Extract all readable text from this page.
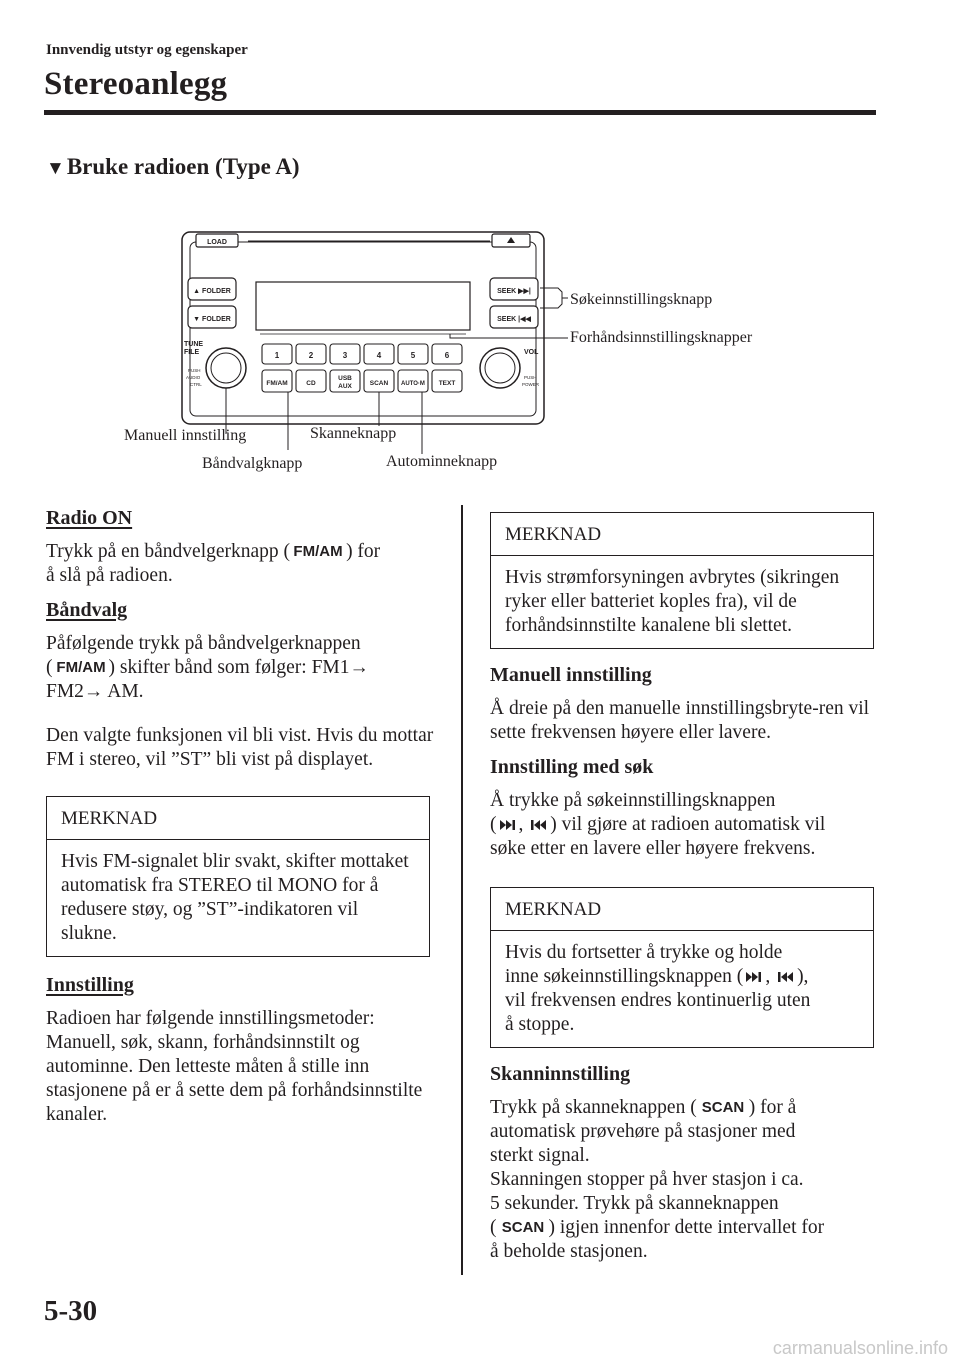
Innvendig utstyr og egenskaper
Stereoanlegg
▼Bruke radioen (Type A)
LOAD
▲ FOLDER
▼ FOLDER
SEEK ▶▶|
SEEK |◀◀
TUNE
FILE
PUSH
AUDIO
CTRL
VOL
PUSH
POWER
1	2	3	4	5	6
FM/AM	CD
USB
AUX	SCAN AUTO·M TEXT
Søkeinnstillingsknapp
Forhåndsinnstillingsknapper
Manuell innstilling	Skanneknapp
Båndvalgknapp	Autominneknapp

Radio ON

Trykk på en båndvelgerknapp ( FM/AM ) for
å slå på radioen.

Båndvalg

Påfølgende trykk på båndvelgerknappen
( FM/AM ) skifter bånd som følger: FM1→
FM2→ AM.

Den valgte funksjonen vil bli vist. Hvis du mottar FM i stereo, vil ”ST” bli vist på displayet.

MERKNAD
Hvis FM-signalet blir svakt, skifter mottaket automatisk fra STEREO til MONO for å redusere støy, og ”ST”-indikatoren vil slukne.

Innstilling

Radioen har følgende innstillingsmetoder: Manuell, søk, skann, forhåndsinnstilt og autominne. Den letteste måten å stille inn stasjonene på er å sette dem på forhåndsinnstilte kanaler.

MERKNAD
Hvis strømforsyningen avbrytes (sikringen ryker eller batteriet koples fra), vil de forhåndsinnstilte kanalene bli slettet.

Manuell innstilling

Å dreie på den manuelle innstillingsbryte-ren vil sette frekvensen høyere eller lavere.

Innstilling med søk

Å trykke på søkeinnstillingsknappen
( , ) vil gjøre at radioen automatisk vil
søke etter en lavere eller høyere frekvens.

MERKNAD
Hvis du fortsetter å trykke og holde
inne søkeinnstillingsknappen ( , ),
vil frekvensen endres kontinuerlig uten
å stoppe.

Skanninnstilling

Trykk på skanneknappen ( SCAN ) for å
automatisk prøvehøre på stasjoner med
sterkt signal.
Skanningen stopper på hver stasjon i ca.
5 sekunder. Trykk på skanneknappen
( SCAN ) igjen innenfor dette intervallet for
å beholde stasjonen.

5-30
carmanualsonline.info
